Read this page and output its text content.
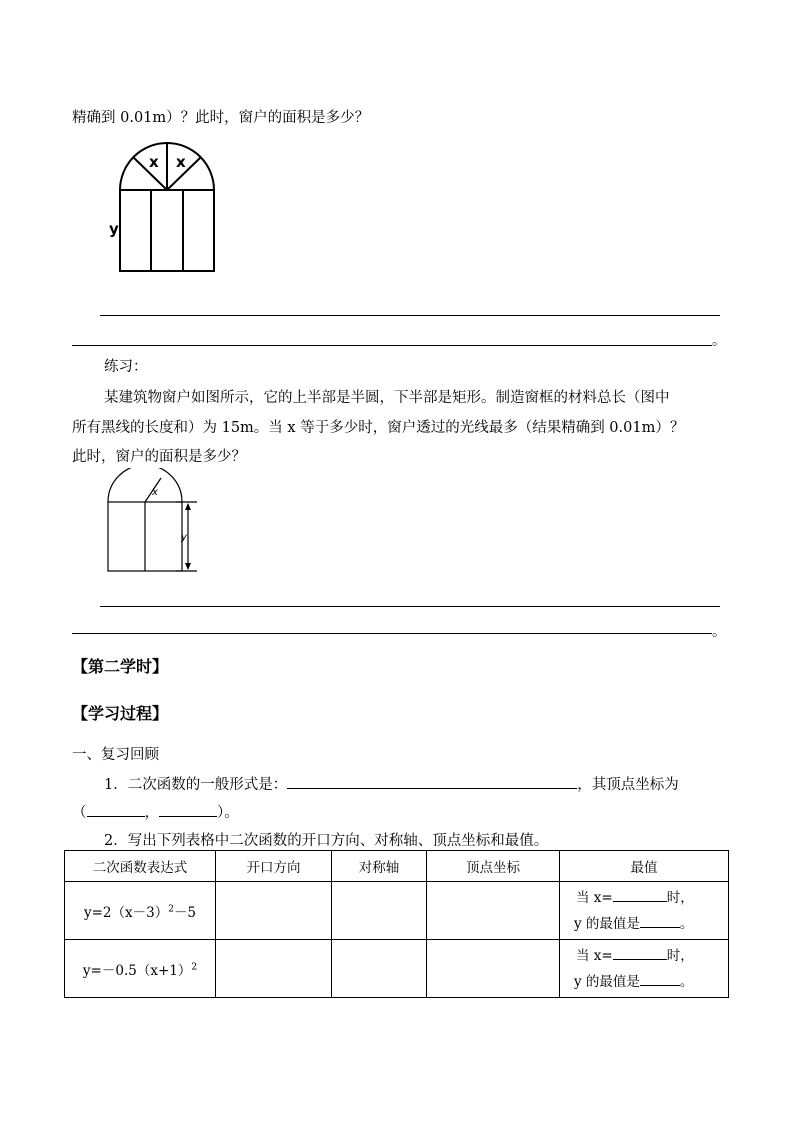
精确到 0.01m）？此时，窗户的面积是多少？
x x
y
。
练习：
某建筑物窗户如图所示，它的上半部是半圆，下半部是矩形。制造窗框的材料总长（图中
所有黑线的长度和）为 15m。当 x 等于多少时，窗户透过的光线最多（结果精确到 0.01m）？
此时，窗户的面积是多少？
x
y
。
【第二学时】
【学习过程】
一、复习回顾
1．二次函数的一般形式是：	，其顶点坐标为
（	，	）。
2．写出下列表格中二次函数的开口方向、对称轴、顶点坐标和最值。
二次函数表达式	开口方向	对称轴	顶点坐标	最值
$y=2(x-3)^2-5$				当 x= 时，
y 的最值是 。

$y=-0.5(x+1)^2$				当 x= 时，
y 的最值是 。
